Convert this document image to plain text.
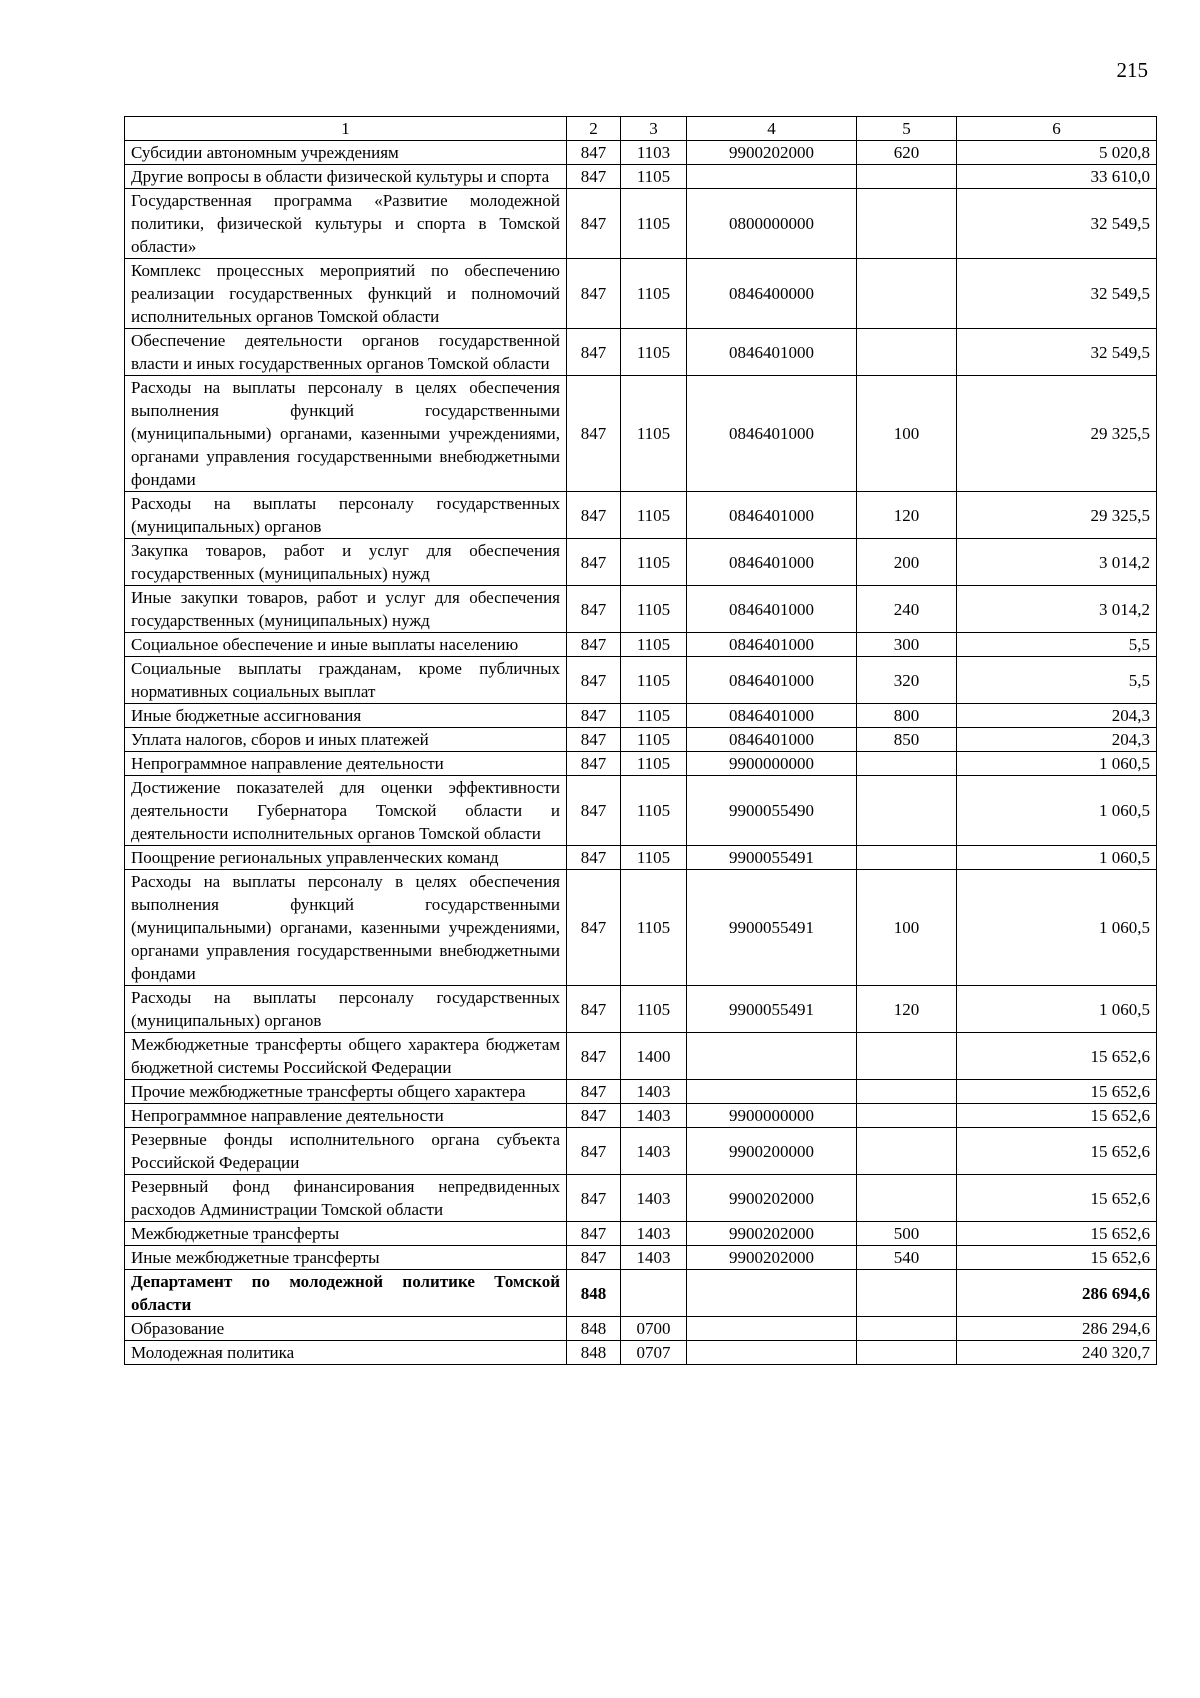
215
1	2	3	4	5	6
Субсидии автономным учреждениям	847	1103	9900202000	620	5 020,8
Другие вопросы в области физической культуры и спорта	847	1105			33 610,0
Государственная программа «Развитие молодежной политики, физической культуры и спорта в Томской области»	847	1105	0800000000		32 549,5
Комплекс процессных мероприятий по обеспечению реализации государственных функций и полномочий исполнительных органов Томской области	847	1105	0846400000		32 549,5
Обеспечение деятельности органов государственной власти и иных государственных органов Томской области	847	1105	0846401000		32 549,5
Расходы на выплаты персоналу в целях обеспечения выполнения функций государственными (муниципальными) органами, казенными учреждениями, органами управления государственными внебюджетными фондами	847	1105	0846401000	100	29 325,5
Расходы на выплаты персоналу государственных (муниципальных) органов	847	1105	0846401000	120	29 325,5
Закупка товаров, работ и услуг для обеспечения государственных (муниципальных) нужд	847	1105	0846401000	200	3 014,2
Иные закупки товаров, работ и услуг для обеспечения государственных (муниципальных) нужд	847	1105	0846401000	240	3 014,2
Социальное обеспечение и иные выплаты населению	847	1105	0846401000	300	5,5
Социальные выплаты гражданам, кроме публичных нормативных социальных выплат	847	1105	0846401000	320	5,5
Иные бюджетные ассигнования	847	1105	0846401000	800	204,3
Уплата налогов, сборов и иных платежей	847	1105	0846401000	850	204,3
Непрограммное направление деятельности	847	1105	9900000000		1 060,5
Достижение показателей для оценки эффективности деятельности Губернатора Томской области и деятельности исполнительных органов Томской области	847	1105	9900055490		1 060,5
Поощрение региональных управленческих команд	847	1105	9900055491		1 060,5
Расходы на выплаты персоналу в целях обеспечения выполнения функций государственными (муниципальными) органами, казенными учреждениями, органами управления государственными внебюджетными фондами	847	1105	9900055491	100	1 060,5
Расходы на выплаты персоналу государственных (муниципальных) органов	847	1105	9900055491	120	1 060,5
Межбюджетные трансферты общего характера бюджетам бюджетной системы Российской Федерации	847	1400			15 652,6
Прочие межбюджетные трансферты общего характера	847	1403			15 652,6
Непрограммное направление деятельности	847	1403	9900000000		15 652,6
Резервные фонды исполнительного органа субъекта Российской Федерации	847	1403	9900200000		15 652,6
Резервный фонд финансирования непредвиденных расходов Администрации Томской области	847	1403	9900202000		15 652,6
Межбюджетные трансферты	847	1403	9900202000	500	15 652,6
Иные межбюджетные трансферты	847	1403	9900202000	540	15 652,6
Департамент по молодежной политике Томской области	848				286 694,6
Образование	848	0700			286 294,6
Молодежная политика	848	0707			240 320,7
